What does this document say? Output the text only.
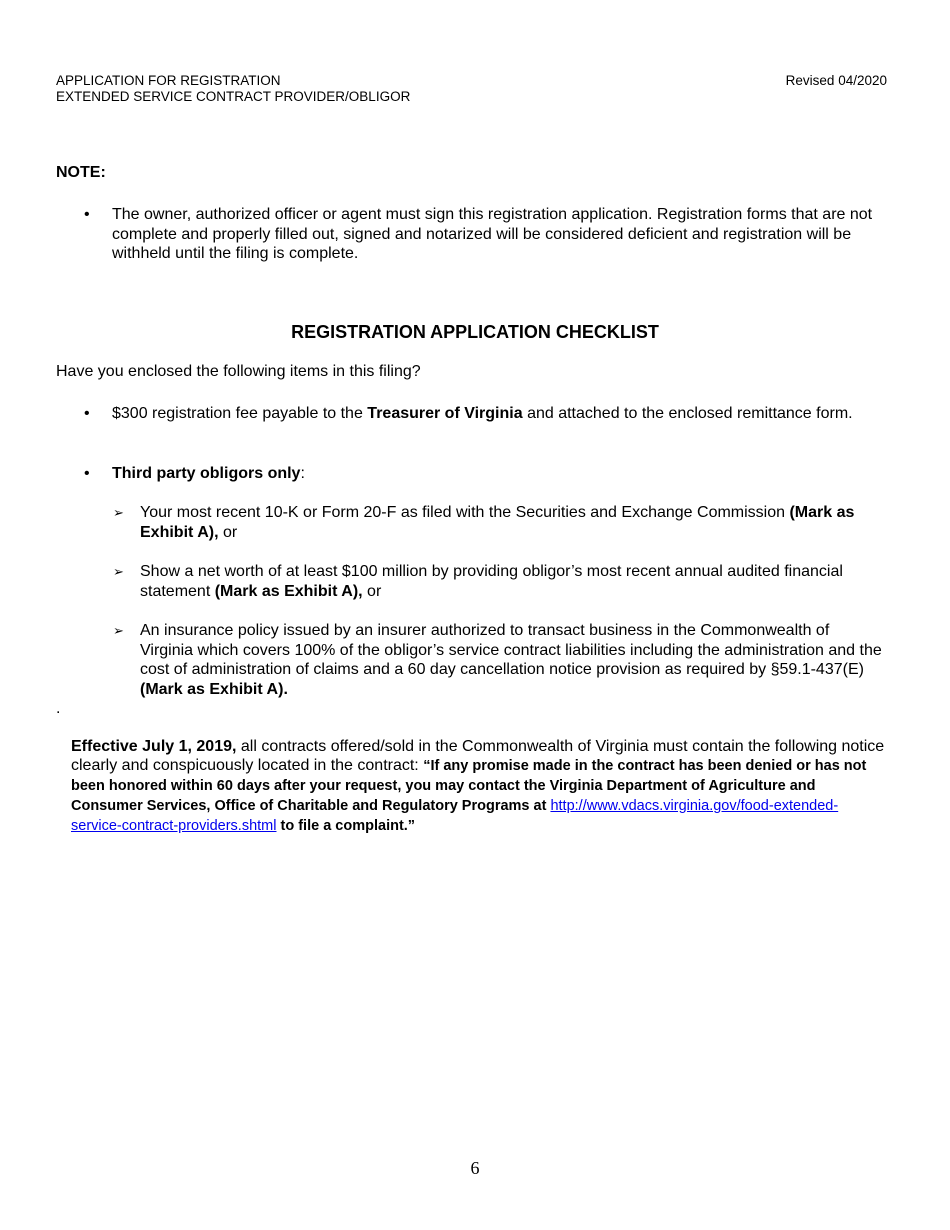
APPLICATION FOR REGISTRATION
EXTENDED SERVICE CONTRACT PROVIDER/OBLIGOR
Revised 04/2020
NOTE:
• The owner, authorized officer or agent must sign this registration application. Registration forms that are not complete and properly filled out, signed and notarized will be considered deficient and registration will be withheld until the filing is complete.
REGISTRATION APPLICATION CHECKLIST
Have you enclosed the following items in this filing?
• $300 registration fee payable to the Treasurer of Virginia and attached to the enclosed remittance form.
• Third party obligors only:
➢ Your most recent 10-K or Form 20-F as filed with the Securities and Exchange Commission (Mark as Exhibit A), or
➢ Show a net worth of at least $100 million by providing obligor’s most recent annual audited financial statement (Mark as Exhibit A), or
➢ An insurance policy issued by an insurer authorized to transact business in the Commonwealth of Virginia which covers 100% of the obligor’s service contract liabilities including the administration and the cost of administration of claims and a 60 day cancellation notice provision as required by §59.1-437(E) (Mark as Exhibit A).
.
Effective July 1, 2019, all contracts offered/sold in the Commonwealth of Virginia must contain the following notice clearly and conspicuously located in the contract: “If any promise made in the contract has been denied or has not been honored within 60 days after your request, you may contact the Virginia Department of Agriculture and Consumer Services, Office of Charitable and Regulatory Programs at http://www.vdacs.virginia.gov/food-extended-service-contract-providers.shtml to file a complaint.”
6
